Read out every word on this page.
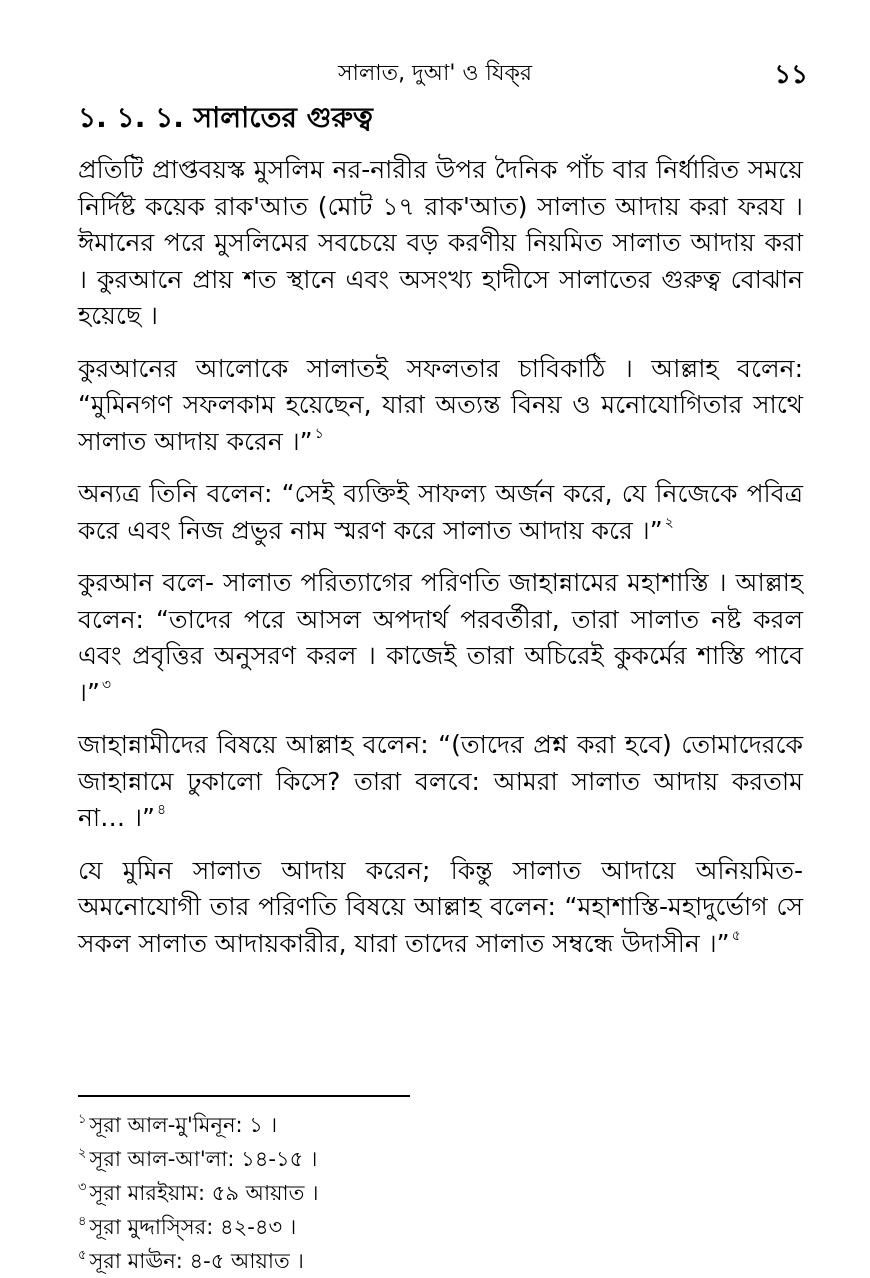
সালাত, দুআ' ও যিক্‌র	১১
১. ১. ১. সালাতের গুরুত্ব

প্রতিটি প্রাপ্তবয়স্ক মুসলিম নর-নারীর উপর দৈনিক পাঁচ বার নির্ধারিত সময়ে নির্দিষ্ট কয়েক রাক'আত (মোট ১৭ রাক'আত) সালাত আদায় করা ফরয । ঈমানের পরে মুসলিমের সবচেয়ে বড় করণীয় নিয়মিত সালাত আদায় করা । কুরআনে প্রায় শত স্থানে এবং অসংখ্য হাদীসে সালাতের গুরুত্ব বোঝান হয়েছে ।

কুরআনের আলোকে সালাতই সফলতার চাবিকাঠি । আল্লাহ বলেন: “মুমিনগণ সফলকাম হয়েছেন, যারা অত্যন্ত বিনয় ও মনোযোগিতার সাথে সালাত আদায় করেন ।” $^১$

অন্যত্র তিনি বলেন: “সেই ব্যক্তিই সাফল্য অর্জন করে, যে নিজেকে পবিত্র করে এবং নিজ প্রভুর নাম স্মরণ করে সালাত আদায় করে ।” $^২$

কুরআন বলে- সালাত পরিত্যাগের পরিণতি জাহান্নামের মহাশাস্তি । আল্লাহ বলেন: “তাদের পরে আসল অপদার্থ পরবর্তীরা, তারা সালাত নষ্ট করল এবং প্রবৃত্তির অনুসরণ করল । কাজেই তারা অচিরেই কুকর্মের শাস্তি পাবে ।” $^৩$

জাহান্নামীদের বিষয়ে আল্লাহ বলেন: “(তাদের প্রশ্ন করা হবে) তোমাদেরকে জাহান্নামে ঢুকালো কিসে? তারা বলবে: আমরা সালাত আদায় করতাম না… ।” $^৪$

যে মুমিন সালাত আদায় করেন; কিন্তু সালাত আদায়ে অনিয়মিত-অমনোযোগী তার পরিণতি বিষয়ে আল্লাহ বলেন: “মহাশাস্তি-মহাদুর্ভোগ সে সকল সালাত আদায়কারীর, যারা তাদের সালাত সম্বন্ধে উদাসীন ।” $^৫$

$^১$ সূরা আল-মু'মিনূন: ১ ।
$^২$ সূরা আল-আ'লা: ১৪-১৫ ।
$^৩$ সূরা মারইয়াম: ৫৯ আয়াত ।
$^৪$ সূরা মুদ্দাস্সির: ৪২-৪৩ ।
$^৫$ সূরা মাঊন: ৪-৫ আয়াত ।
